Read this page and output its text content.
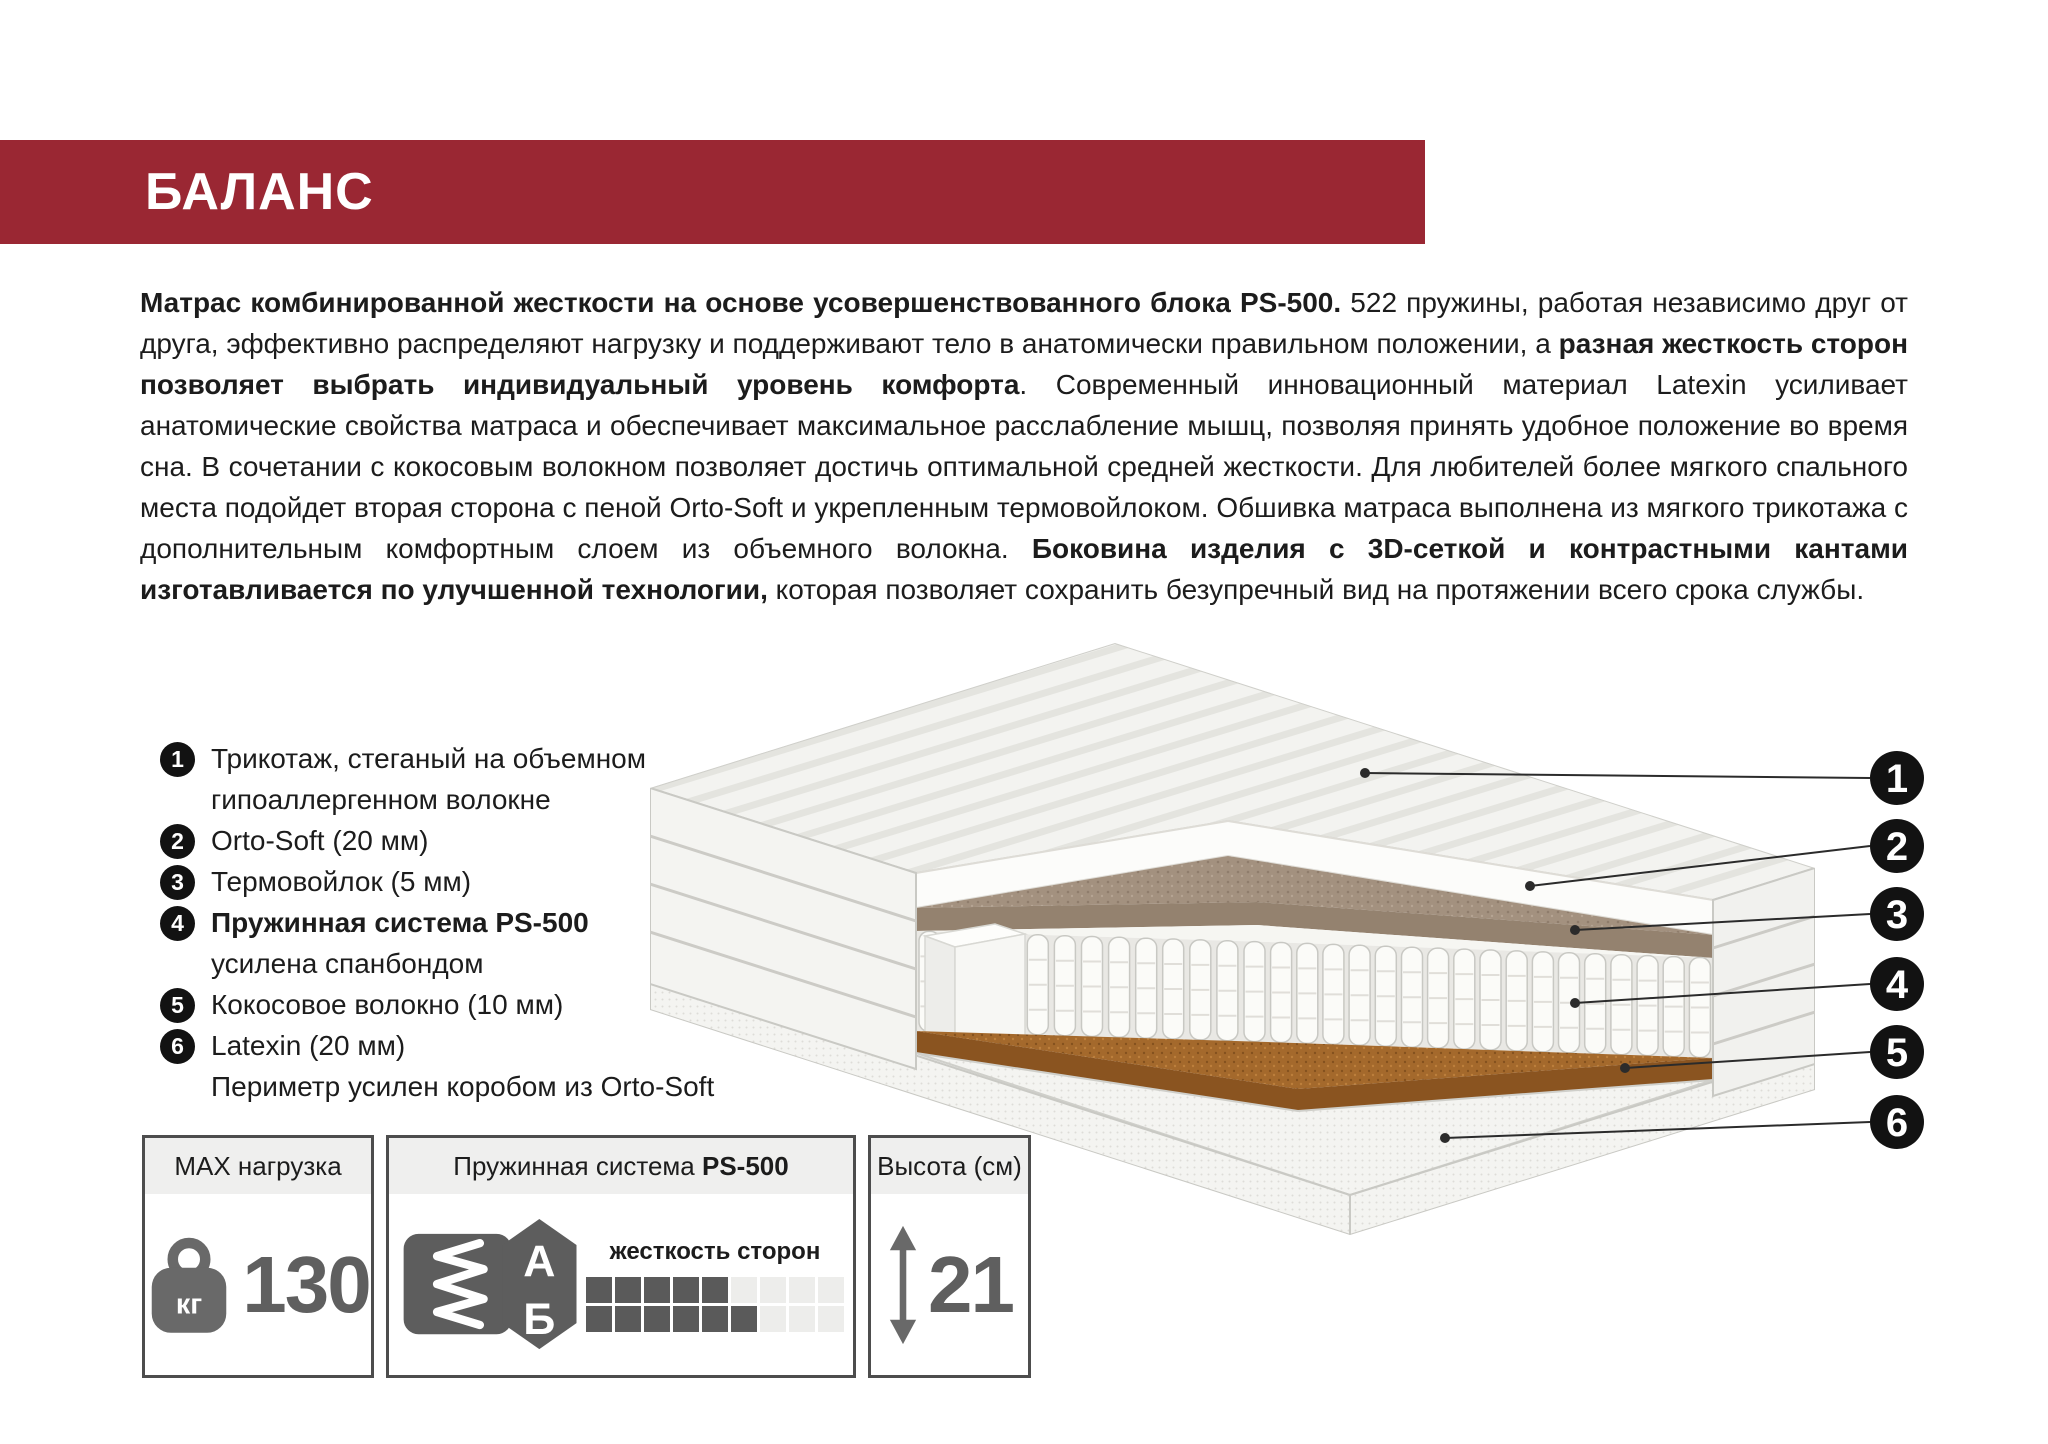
БАЛАНС

Матрас комбинированной жесткости на основе усовершенствованного блока PS-500. 522 пружины, работая независимо друг от друга, эффективно распределяют нагрузку и поддерживают тело в анатомически правильном положении, а разная жесткость сторон позволяет выбрать индивидуальный уровень комфорта. Современный инновационный материал Latexin усиливает анатомические свойства матраса и обеспечивает максимальное расслабление мышц, позволяя принять удобное положение во время сна. В сочетании с кокосовым волокном позволяет достичь оптимальной средней жесткости. Для любителей более мягкого спального места подойдет вторая сторона с пеной Orto-Soft и укрепленным термовойлоком. Обшивка матраса выполнена из мягкого трикотажа с дополнительным комфортным слоем из объемного волокна. Боковина изделия с 3D-сеткой и контрастными кантами изготавливается по улучшенной технологии, которая позволяет сохранить безупречный вид на протяжении всего срока службы.

1 Трикотаж, стеганый на объемном
гипоаллергенном волокне
2 Orto-Soft (20 мм)
3 Термовойлок (5 мм)
4 Пружинная система PS-500
усилена спанбондом
5 Кокосовое волокно (10 мм)
6 Latexin (20 мм)
Периметр усилен коробом из Orto-Soft
1
2
3
4
5
6
MAX нагрузка
кг 130
Пружинная система PS-500
А
Б
жесткость сторон
Высота (см)
21
